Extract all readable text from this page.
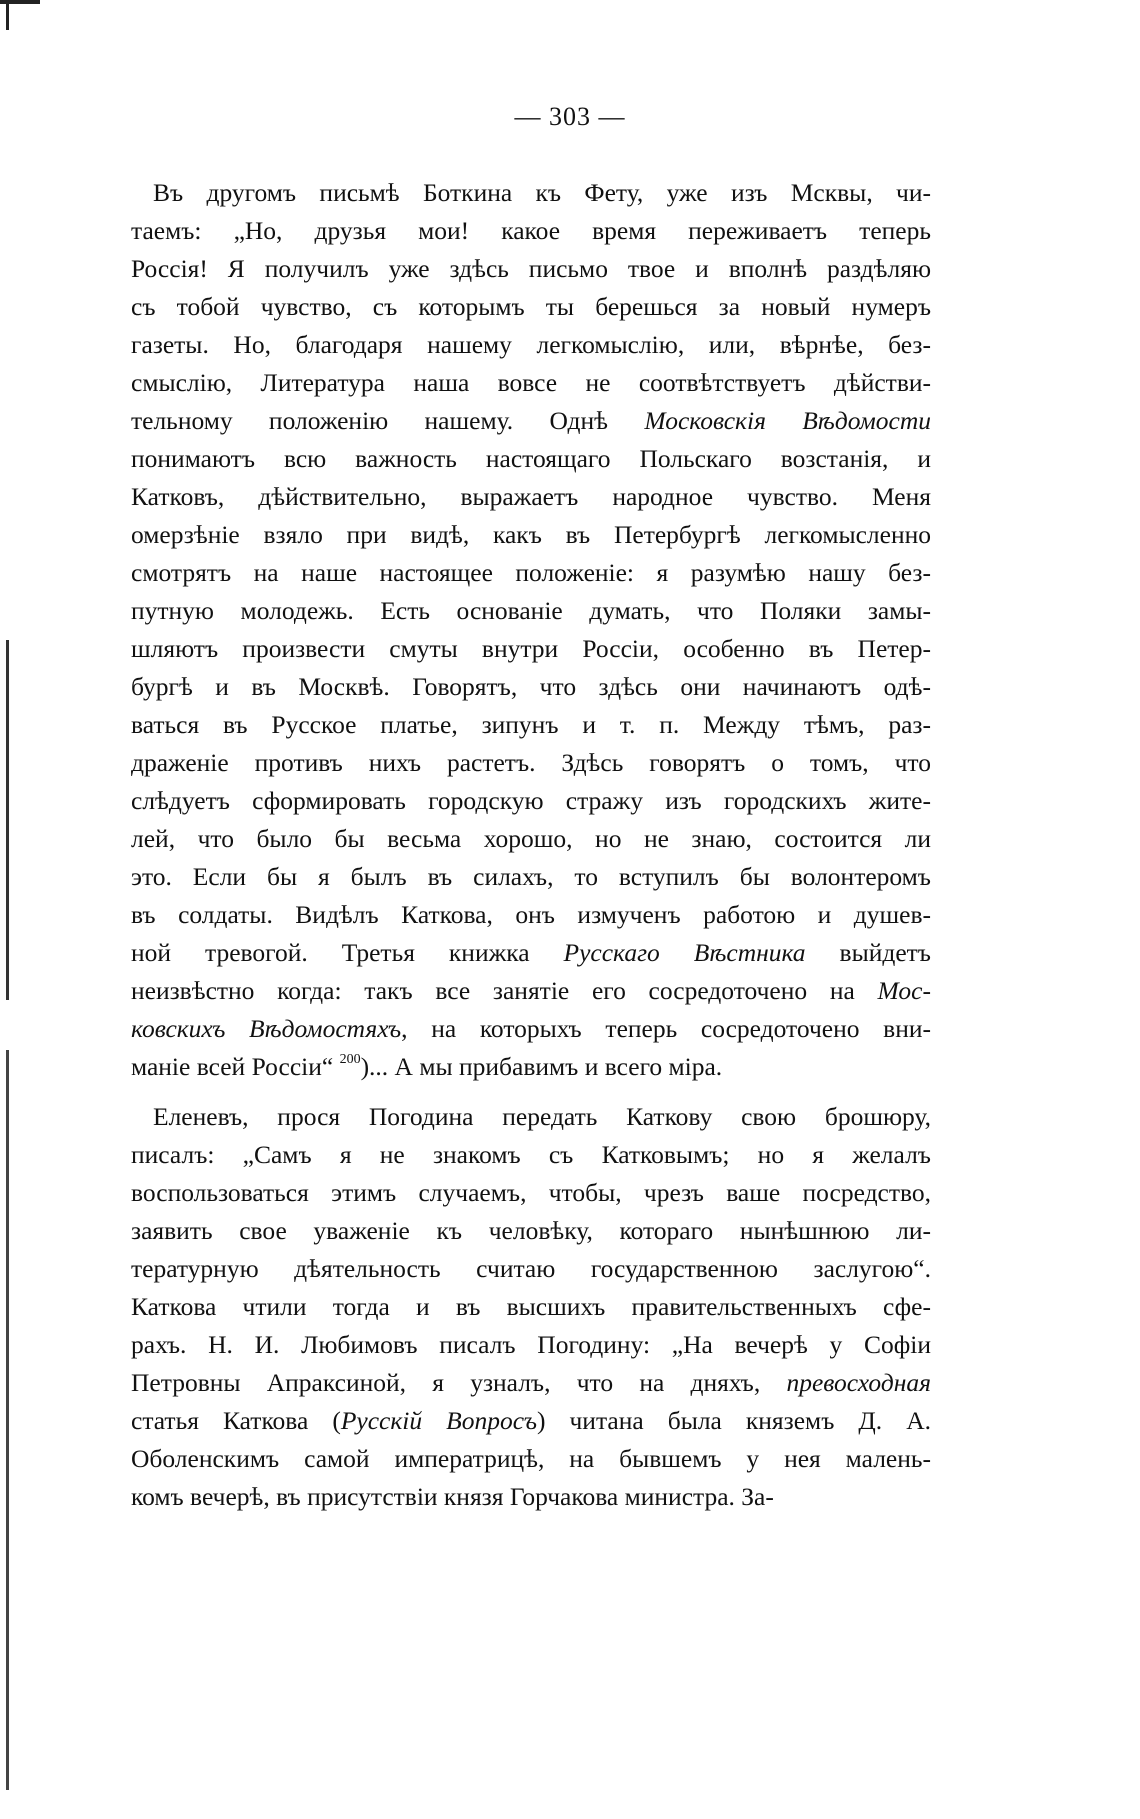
— 303 —
Въ другомъ письмѣ Боткина къ Фету, уже изъ Мсквы, чи-
таемъ: „Но, друзья мои! какое время переживаетъ теперь
Россія! Я получилъ уже здѣсь письмо твое и вполнѣ раздѣляю
съ тобой чувство, съ которымъ ты берешься за новый нумеръ
газеты. Но, благодаря нашему легкомыслію, или, вѣрнѣе, без-
смыслію, Литература наша вовсе не соотвѣтствуетъ дѣйстви-
тельному положенію нашему. Однѣ Московскія Вѣдомости
понимаютъ всю важность настоящаго Польскаго возстанія, и
Катковъ, дѣйствительно, выражаетъ народное чувство. Меня
омерзѣніе взяло при видѣ, какъ въ Петербургѣ легкомысленно
смотрятъ на наше настоящее положеніе: я разумѣю нашу без-
путную молодежь. Есть основаніе думать, что Поляки замы-
шляютъ произвести смуты внутри Россіи, особенно въ Петер-
бургѣ и въ Москвѣ. Говорятъ, что здѣсь они начинаютъ одѣ-
ваться въ Русское платье, зипунъ и т. п. Между тѣмъ, раз-
драженіе противъ нихъ растетъ. Здѣсь говорятъ о томъ, что
слѣдуетъ сформировать городскую стражу изъ городскихъ жите-
лей, что было бы весьма хорошо, но не знаю, состоится ли
это. Если бы я былъ въ силахъ, то вступилъ бы волонтеромъ
въ солдаты. Видѣлъ Каткова, онъ измученъ работою и душев-
ной тревогой. Третья книжка Русскаго Вѣстника выйдетъ
неизвѣстно когда: такъ все занятіе его сосредоточено на Мос-
ковскихъ Вѣдомостяхъ, на которыхъ теперь сосредоточено вни-
маніе всей Россіи“ $^{200}$)... А мы прибавимъ и всего міра.
Еленевъ, прося Погодина передать Каткову свою брошюру,
писалъ: „Самъ я не знакомъ съ Катковымъ; но я желалъ
воспользоваться этимъ случаемъ, чтобы, чрезъ ваше посредство,
заявить свое уваженіе къ человѣку, котораго нынѣшнюю ли-
тературную дѣятельность считаю государственною заслугою“.
Каткова чтили тогда и въ высшихъ правительственныхъ сфе-
рахъ. Н. И. Любимовъ писалъ Погодину: „На вечерѣ у Софіи
Петровны Апраксиной, я узналъ, что на дняхъ, превосходная
статья Каткова (Русскій Вопросъ) читана была княземъ Д. А.
Оболенскимъ самой императрицѣ, на бывшемъ у нея малень-
комъ вечерѣ, въ присутствіи князя Горчакова министра. За-
